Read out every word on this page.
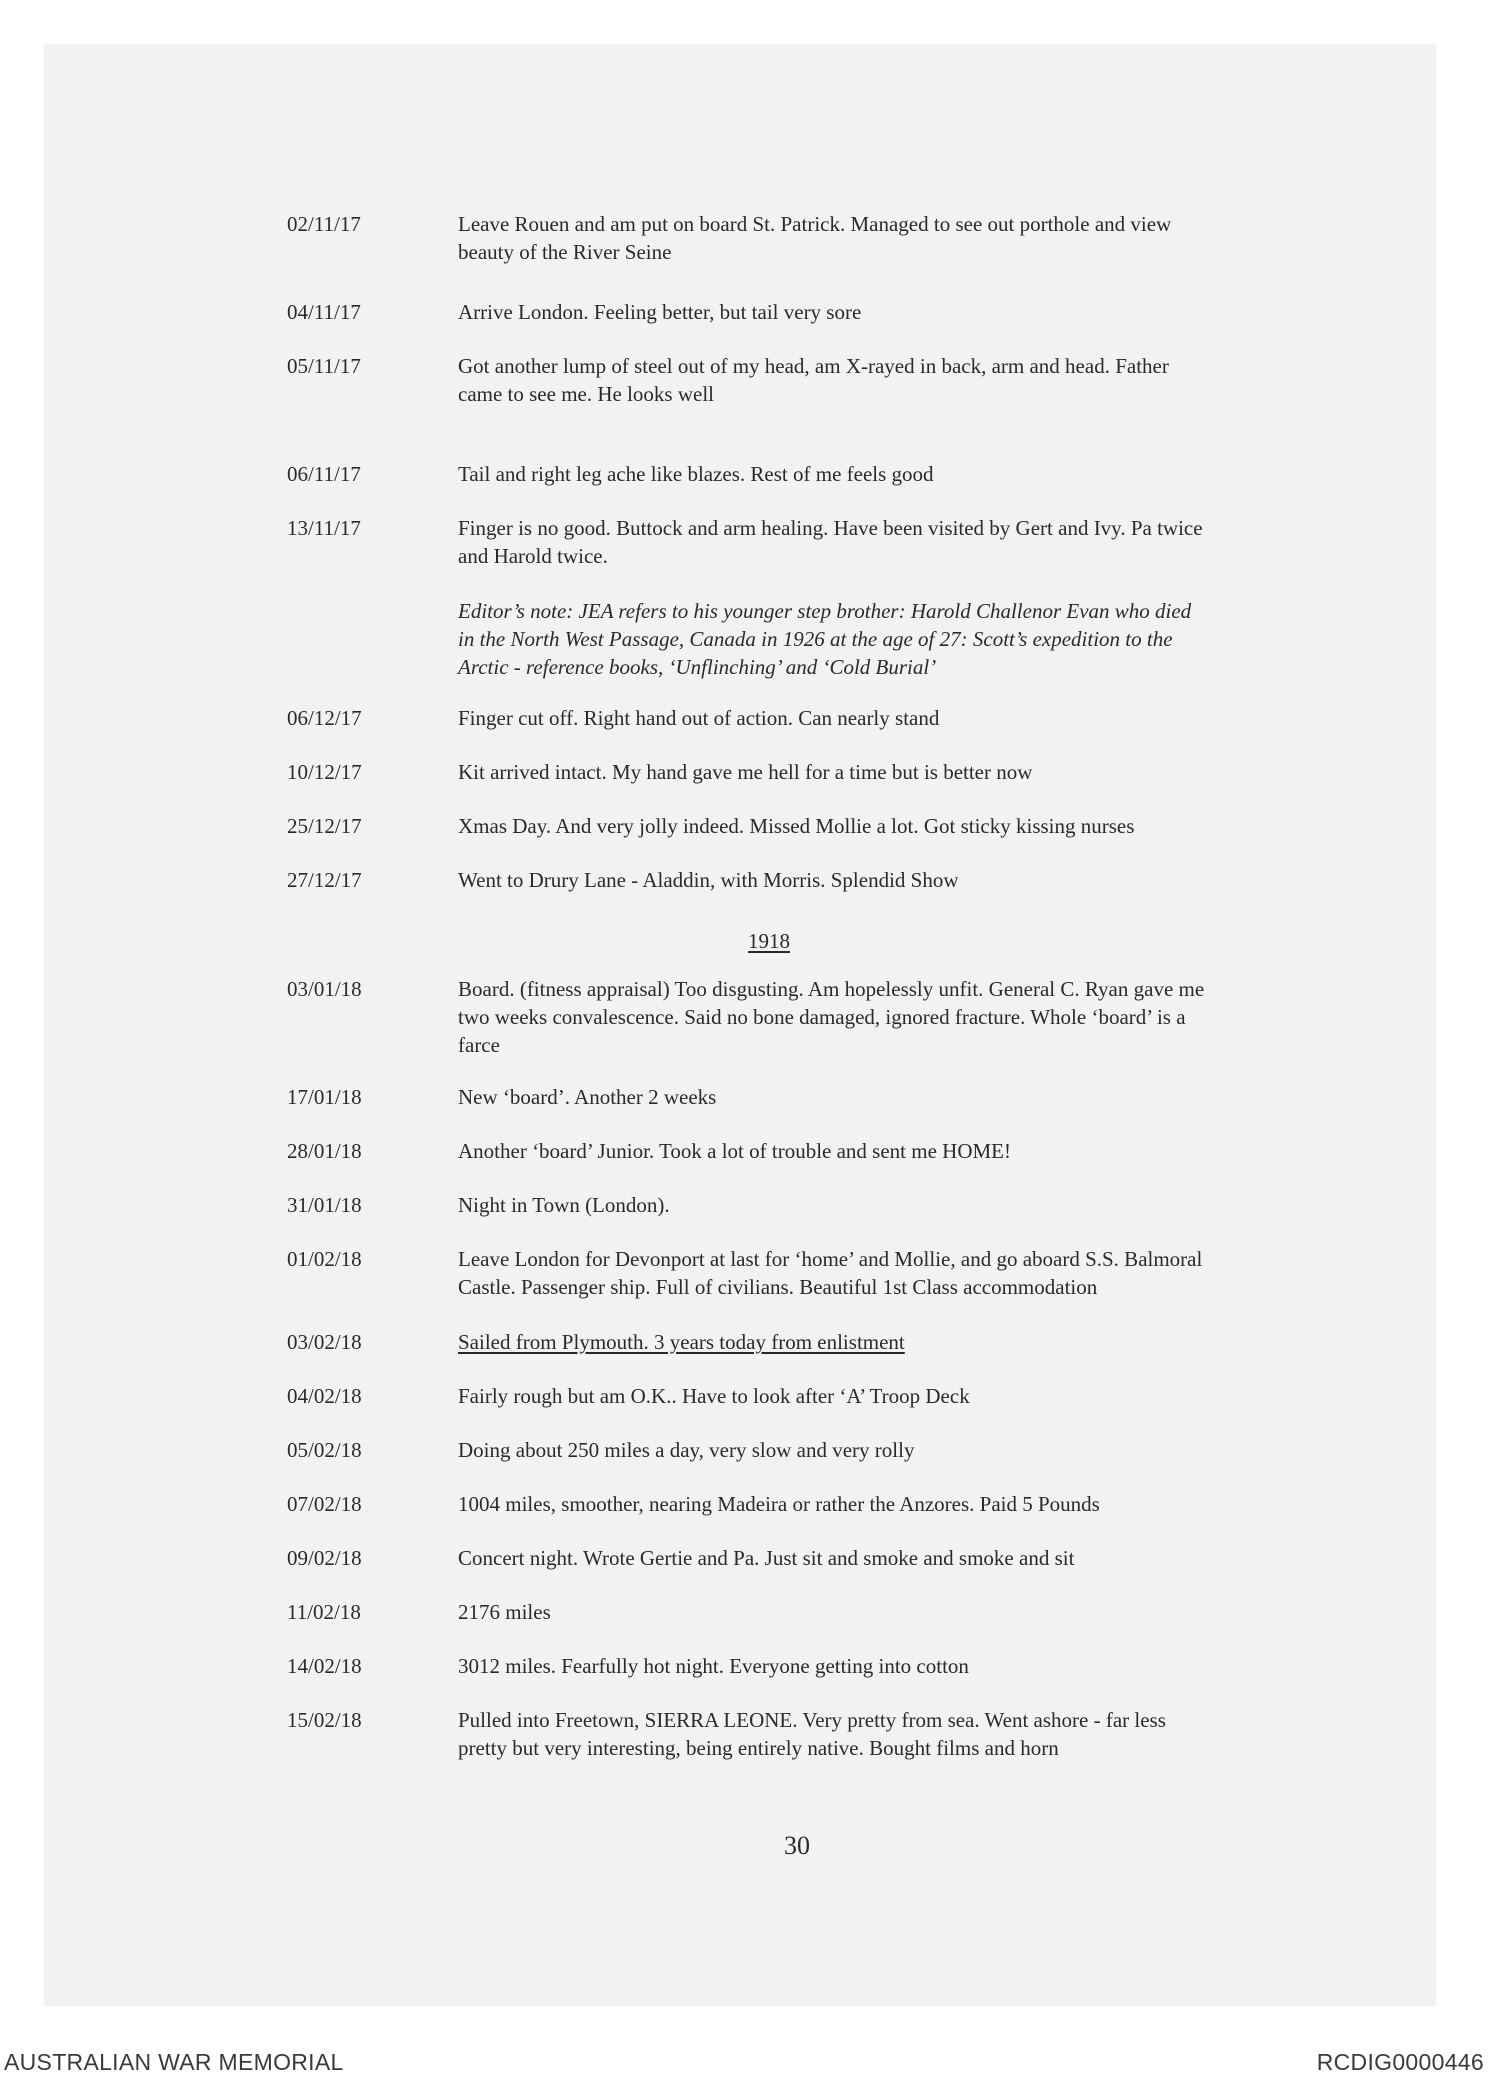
02/11/17	Leave Rouen and am put on board St. Patrick. Managed to see out porthole and view
beauty of the River Seine
04/11/17	Arrive London. Feeling better, but tail very sore
05/11/17	Got another lump of steel out of my head, am X-rayed in back, arm and head. Father
came to see me. He looks well
06/11/17	Tail and right leg ache like blazes. Rest of me feels good
13/11/17	Finger is no good. Buttock and arm healing. Have been visited by Gert and Ivy. Pa twice
and Harold twice.
Editor’s note: JEA refers to his younger step brother: Harold Challenor Evan who died
in the North West Passage, Canada in 1926 at the age of 27: Scott’s expedition to the
Arctic - reference books, ‘Unflinching’ and ‘Cold Burial’
06/12/17	Finger cut off. Right hand out of action. Can nearly stand
10/12/17	Kit arrived intact. My hand gave me hell for a time but is better now
25/12/17	Xmas Day. And very jolly indeed. Missed Mollie a lot. Got sticky kissing nurses
27/12/17	Went to Drury Lane - Aladdin, with Morris. Splendid Show
03/01/18	Board. (fitness appraisal) Too disgusting. Am hopelessly unfit. General C. Ryan gave me
two weeks convalescence. Said no bone damaged, ignored fracture. Whole ‘board’ is a
farce
17/01/18	New ‘board’. Another 2 weeks
28/01/18	Another ‘board’ Junior. Took a lot of trouble and sent me HOME!
31/01/18	Night in Town (London).
01/02/18	Leave London for Devonport at last for ‘home’ and Mollie, and go aboard S.S. Balmoral
Castle. Passenger ship. Full of civilians. Beautiful 1st Class accommodation
03/02/18	Sailed from Plymouth. 3 years today from enlistment
04/02/18	Fairly rough but am O.K.. Have to look after ‘A’ Troop Deck
05/02/18	Doing about 250 miles a day, very slow and very rolly
07/02/18	1004 miles, smoother, nearing Madeira or rather the Anzores. Paid 5 Pounds
09/02/18	Concert night. Wrote Gertie and Pa. Just sit and smoke and smoke and sit
11/02/18	2176 miles
14/02/18	3012 miles. Fearfully hot night. Everyone getting into cotton
15/02/18	Pulled into Freetown, SIERRA LEONE. Very pretty from sea. Went ashore - far less
pretty but very interesting, being entirely native. Bought films and horn
1918
30
AUSTRALIAN WAR MEMORIAL	RCDIG0000446
